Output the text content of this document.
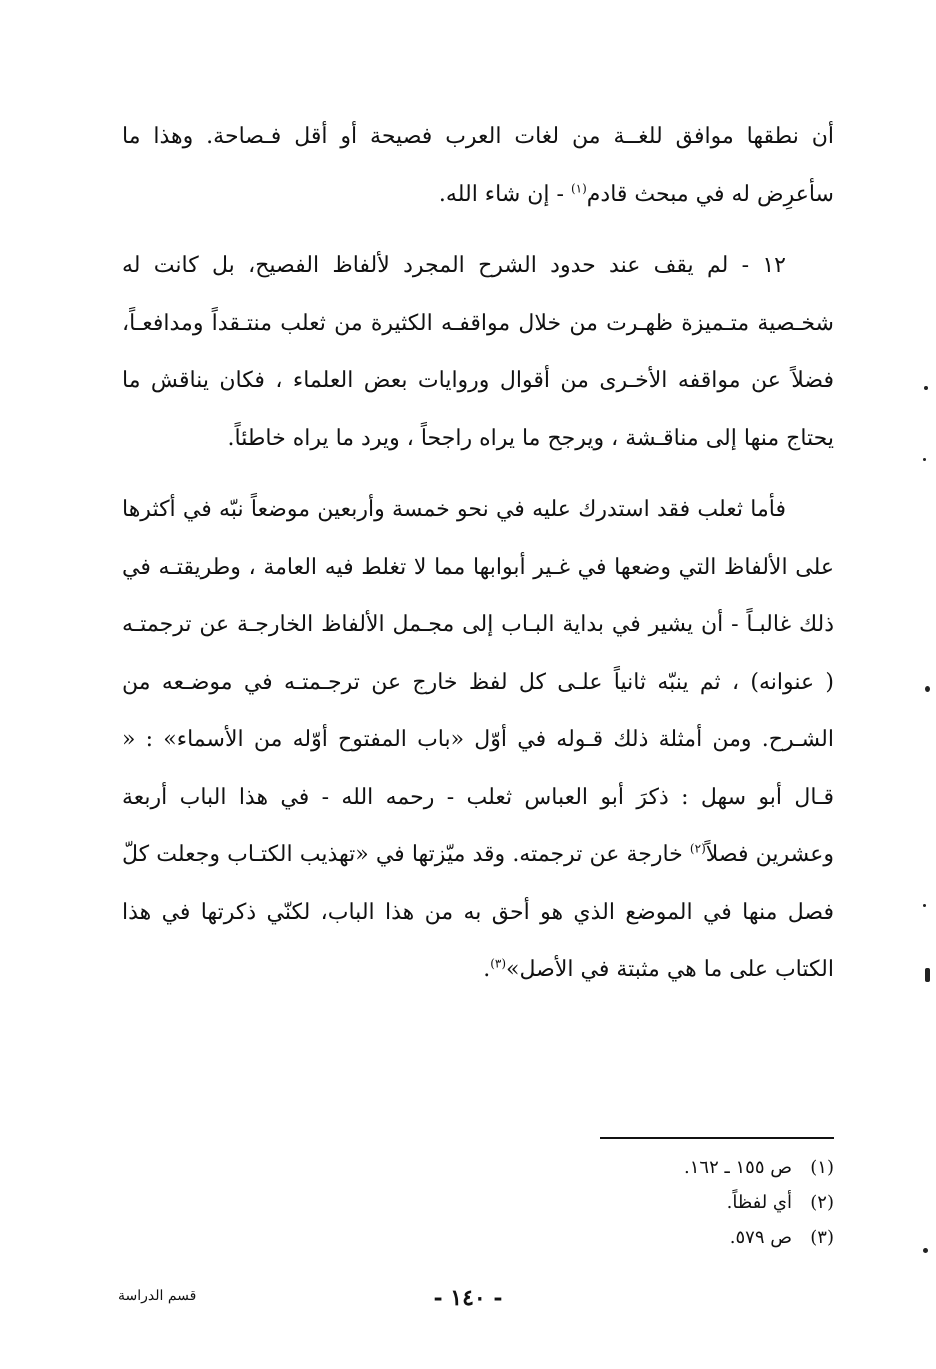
أن نطقها موافق للغــة من لغات العرب فصيحة أو أقل فـصاحة. وهذا ما سأعرِض له في مبحث قادم$^{(١)}$ - إن شاء الله.

١٢ - لم يقف عند حدود الشرح المجرد لألفاظ الفصيح، بل كانت له شخـصية متـميزة ظهـرت من خلال مواقفـه الكثيرة من ثعلب منتـقداً ومدافعـاً، فضلاً عن مواقفه الأخـرى من أقوال وروايات بعض العلماء ، فكان يناقش ما يحتاج منها إلى مناقـشة ، ويرجح ما يراه راجحاً ، ويرد ما يراه خاطئاً.

فأما ثعلب فقد استدرك عليه في نحو خمسة وأربعين موضعاً نبّه في أكثرها على الألفاظ التي وضعها في غـير أبوابها مما لا تغلط فيه العامة ، وطريقتـه في ذلك غالبـاً - أن يشير في بداية البـاب إلى مجـمل الألفاظ الخارجـة عن ترجمتـه ( عنوانه) ، ثم ينبّه ثانياً علـى كل لفظ خارج عن ترجـمتـه في موضـعه من الشـرح. ومن أمثلة ذلك قـوله في أوّل «باب المفتوح أوّله من الأسماء» : « قـال أبو سهل : ذكرَ أبو العباس ثعلب - رحمه الله - في هذا الباب أربعة وعشرين فصلاً$^{(٢)}$ خارجة عن ترجمته. وقد ميّزتها في «تهذيب الكتـاب وجعلت كلّ فصل منها في الموضع الذي هو أحق به من هذا الباب، لكنّي ذكرتها في هذا الكتاب على ما هي مثبتة في الأصل»$^{(٣)}$.

(١)
ص ١٥٥ ـ ١٦٢.
(٢)
أي لفظاً.
(٣)
ص ٥٧٩.
- ١٤٠ -
قسم الدراسة
